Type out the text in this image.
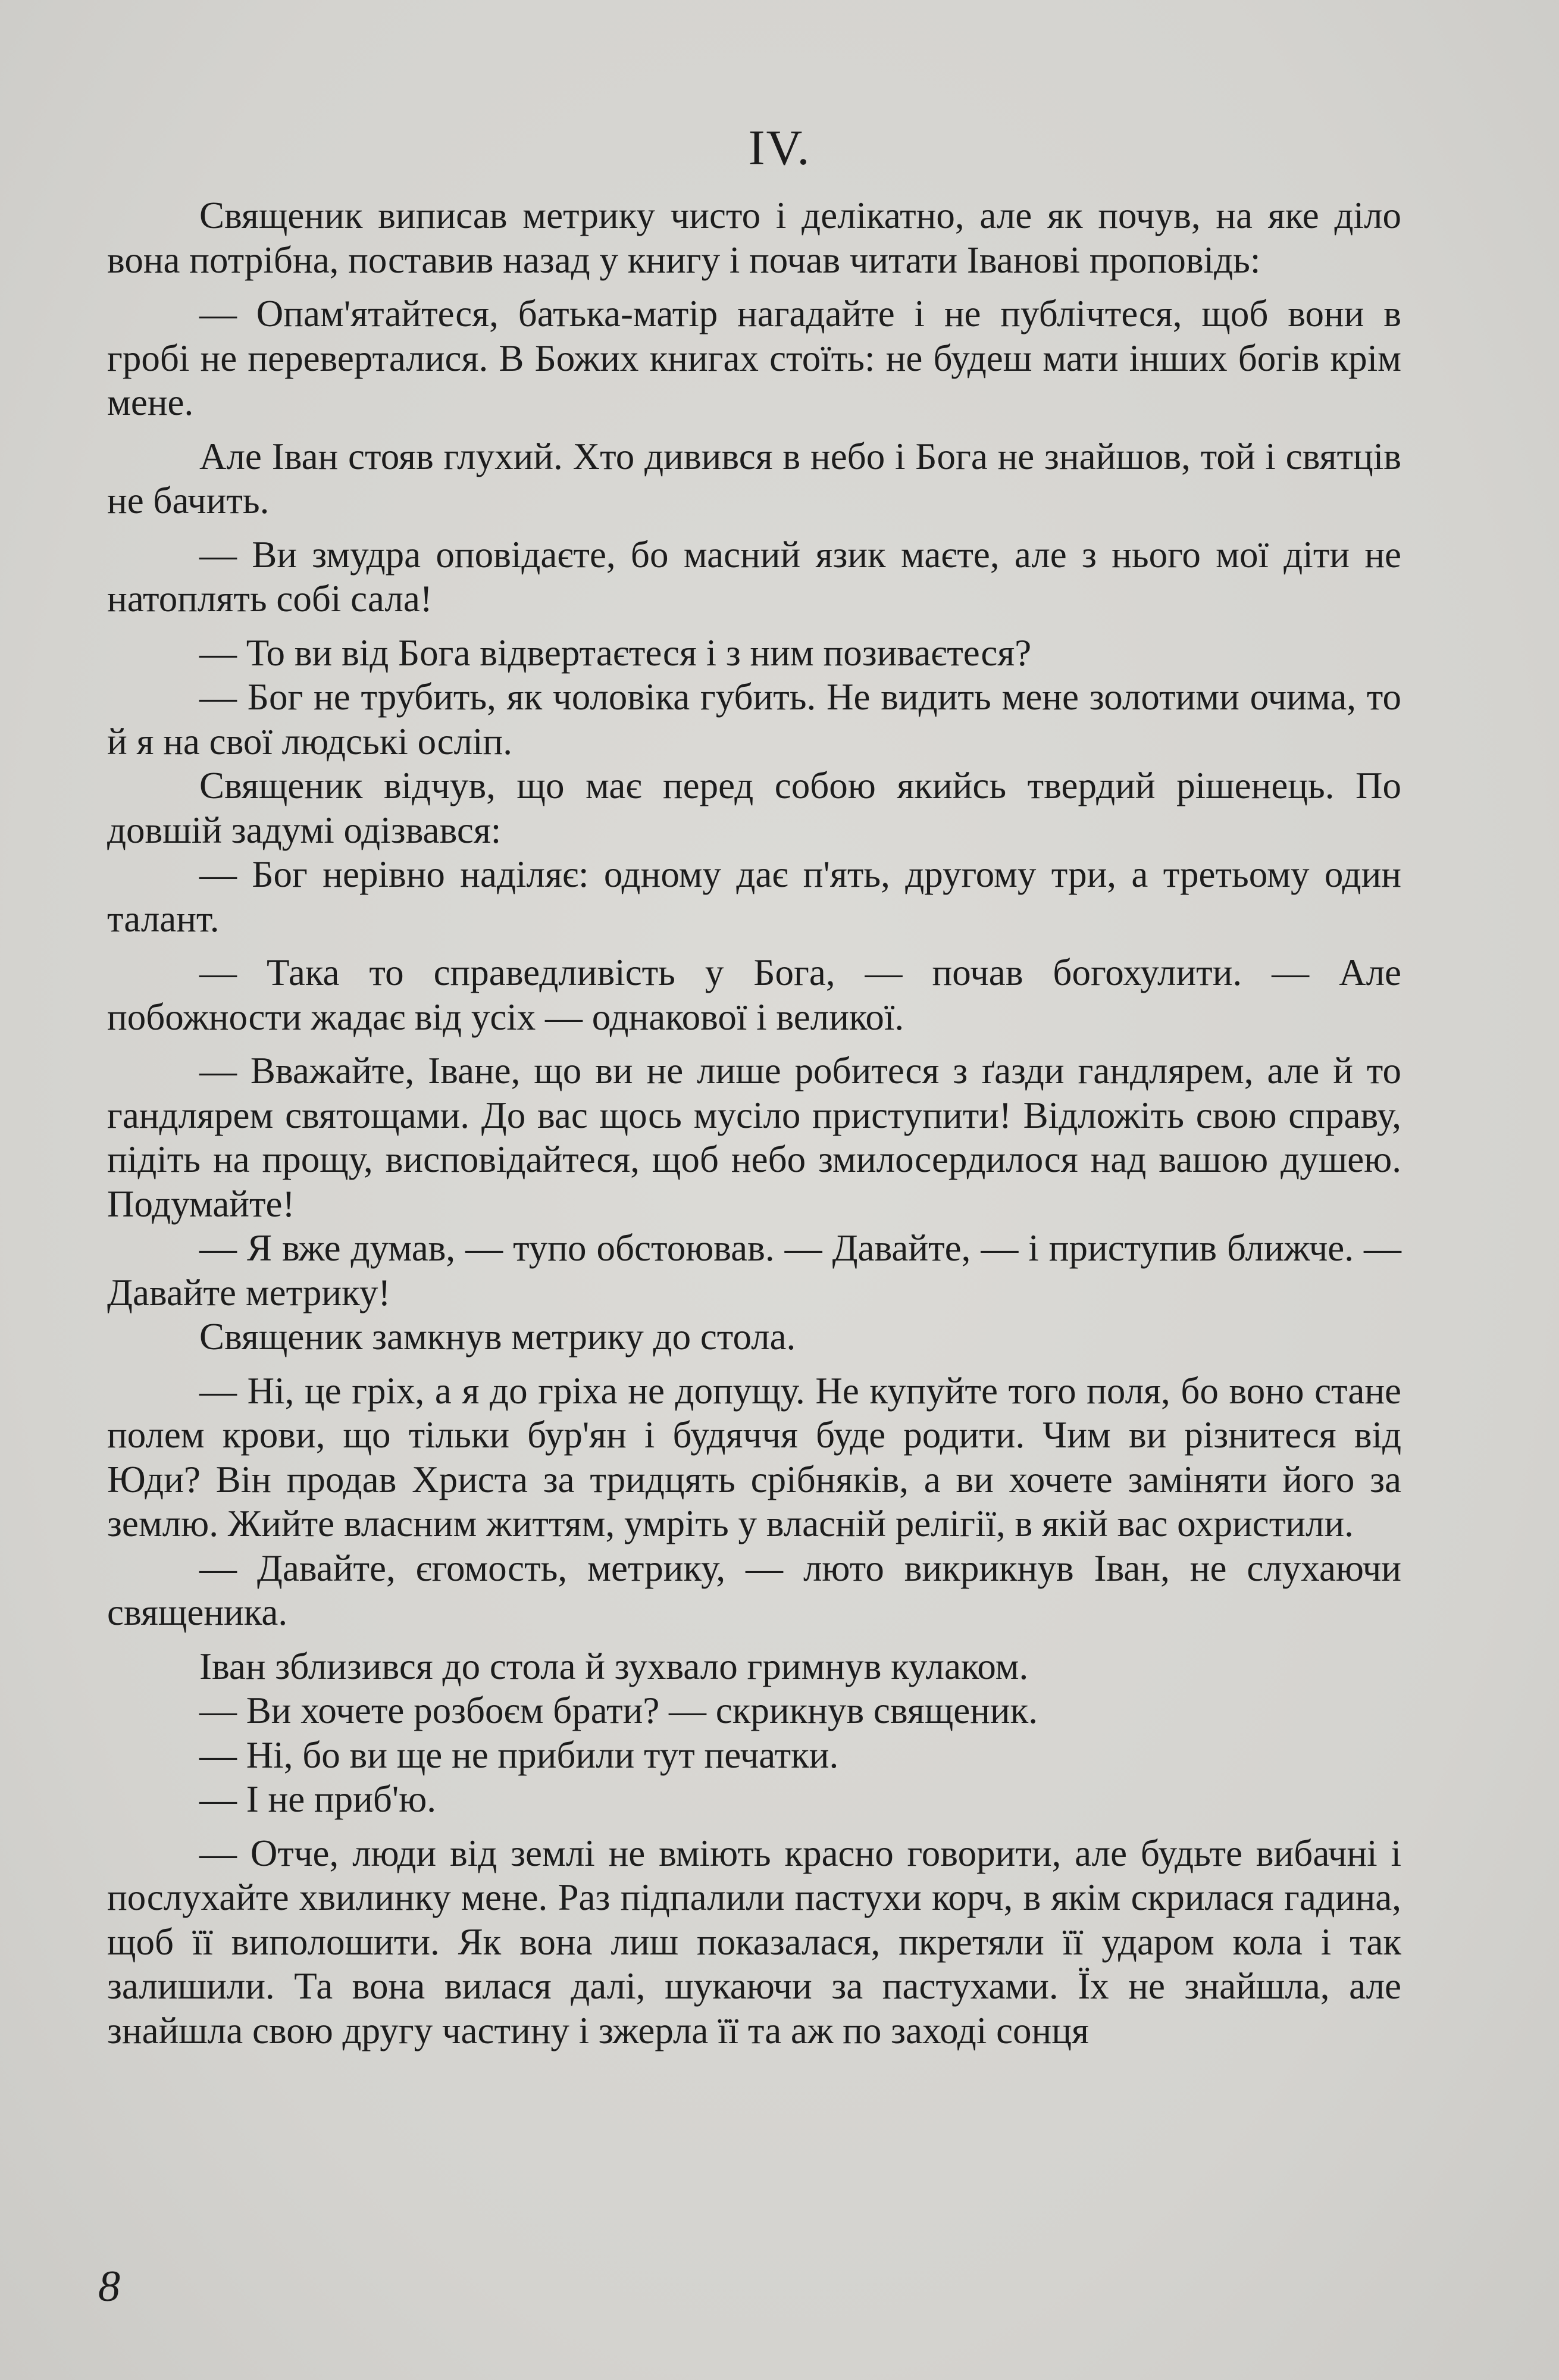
IV.

Священик виписав метрику чисто і делікатно, але як почув, на яке діло вона потрібна, поставив назад у книгу і почав читати Іванові проповідь:

— Опам'ятайтеся, батька-матір нагадайте і не публічтеся, щоб вони в гробі не переверталися. В Божих книгах стоїть: не будеш мати інших богів крім мене.

Але Іван стояв глухий. Хто дивився в небо і Бога не знайшов, той і святців не бачить.

— Ви змудра оповідаєте, бо масний язик маєте, але з нього мої діти не натоплять собі сала!

— То ви від Бога відвертаєтеся і з ним позиваєтеся?

— Бог не трубить, як чоловіка губить. Не видить мене золотими очима, то й я на свої людські осліп.

Священик відчув, що має перед собою якийсь твердий рішенець. По довшій задумі одізвався:

— Бог нерівно наділяє: одному дає п'ять, другому три, а третьому один талант.

— Така то справедливість у Бога, — почав богохулити. — Але побожности жадає від усіх — однакової і великої.

— Вважайте, Іване, що ви не лише робитеся з ґазди гандлярем, але й то гандлярем святощами. До вас щось мусіло приступити! Відложіть свою справу, підіть на прощу, висповідайтеся, щоб небо змилосердилося над вашою душею. Подумайте!

— Я вже думав, — тупо обстоював. — Давайте, — і приступив ближче. — Давайте метрику!

Священик замкнув метрику до стола.

— Ні, це гріх, а я до гріха не допущу. Не купуйте того поля, бо воно стане полем крови, що тільки бур'ян і будяччя буде родити. Чим ви різнитеся від Юди? Він продав Христа за тридцять срібняків, а ви хочете заміняти його за землю. Жийте власним життям, умріть у власній релігії, в якій вас охристили.

— Давайте, єгомость, метрику, — люто викрикнув Іван, не слухаючи священика.

Іван зблизився до стола й зухвало гримнув кулаком.

— Ви хочете розбоєм брати? — скрикнув священик.

— Ні, бо ви ще не прибили тут печатки.

— І не приб'ю.

— Отче, люди від землі не вміють красно говорити, але будьте вибачні і послухайте хвилинку мене. Раз підпалили пастухи корч, в якім скрилася гадина, щоб її виполошити. Як вона лиш показалася, пкретяли її ударом кола і так залишили. Та вона вилася далі, шукаючи за пастухами. Їх не знайшла, але знайшла свою другу частину і зжерла її та аж по заході сонця

8
